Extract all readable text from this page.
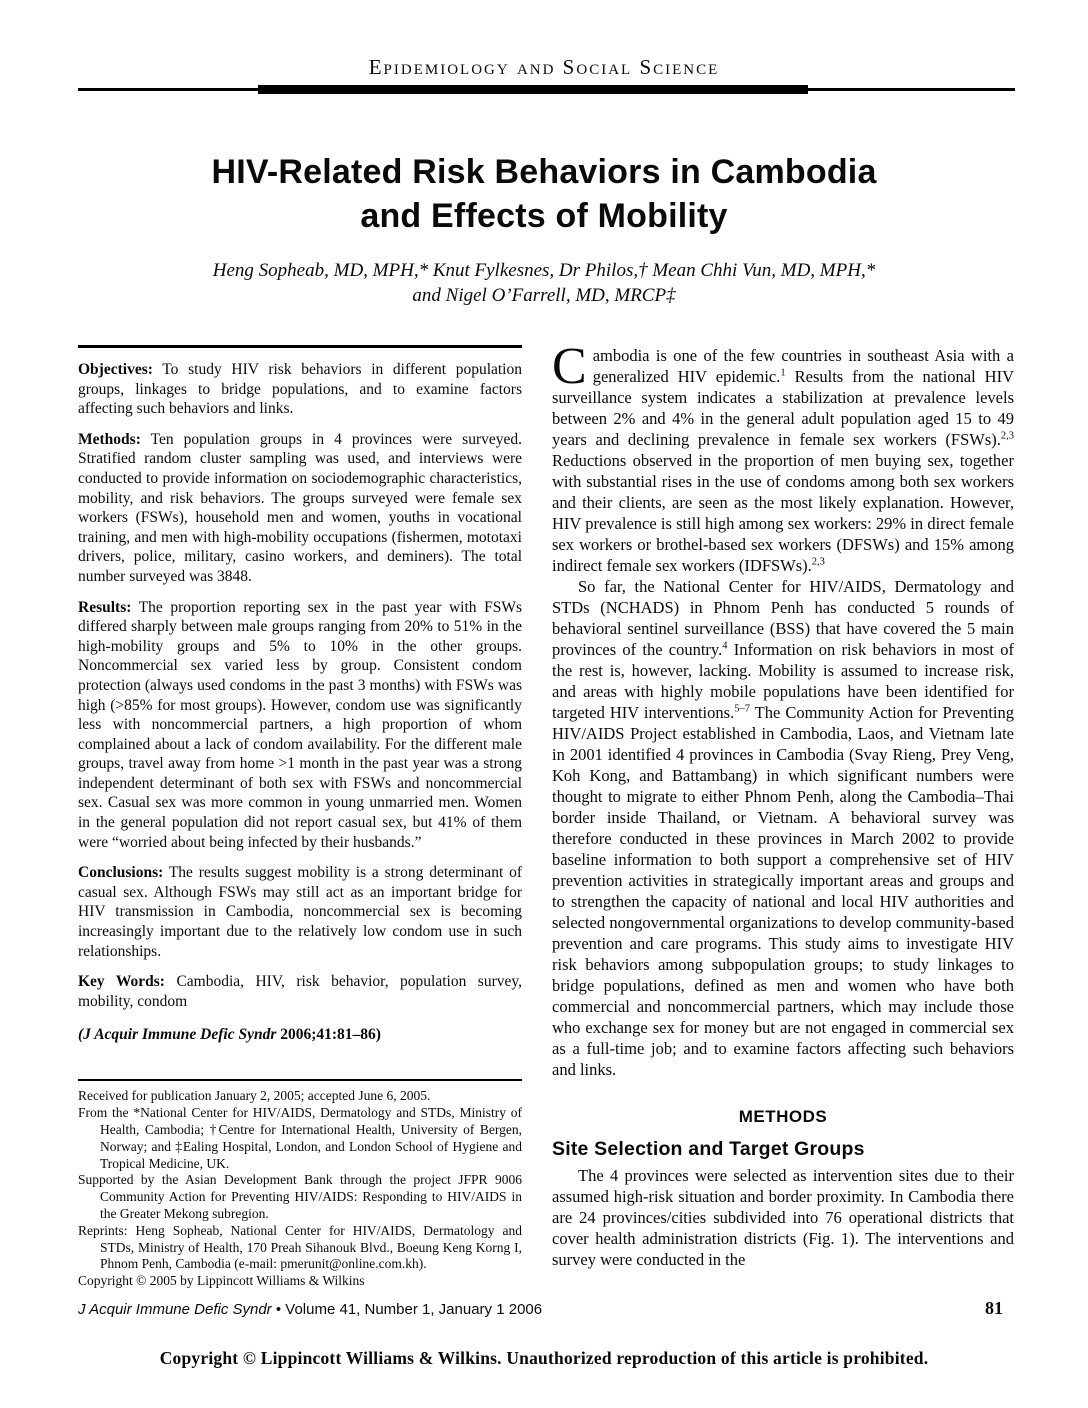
Epidemiology and Social Science
HIV-Related Risk Behaviors in Cambodia
and Effects of Mobility
Heng Sopheab, MD, MPH,* Knut Fylkesnes, Dr Philos,† Mean Chhi Vun, MD, MPH,*
and Nigel O’Farrell, MD, MRCP‡

Objectives: To study HIV risk behaviors in different population groups, linkages to bridge populations, and to examine factors affecting such behaviors and links.

Methods: Ten population groups in 4 provinces were surveyed. Stratified random cluster sampling was used, and interviews were conducted to provide information on sociodemographic characteristics, mobility, and risk behaviors. The groups surveyed were female sex workers (FSWs), household men and women, youths in vocational training, and men with high-mobility occupations (fishermen, mototaxi drivers, police, military, casino workers, and deminers). The total number surveyed was 3848.

Results: The proportion reporting sex in the past year with FSWs differed sharply between male groups ranging from 20% to 51% in the high-mobility groups and 5% to 10% in the other groups. Noncommercial sex varied less by group. Consistent condom protection (always used condoms in the past 3 months) with FSWs was high (>85% for most groups). However, condom use was significantly less with noncommercial partners, a high proportion of whom complained about a lack of condom availability. For the different male groups, travel away from home >1 month in the past year was a strong independent determinant of both sex with FSWs and noncommercial sex. Casual sex was more common in young unmarried men. Women in the general population did not report casual sex, but 41% of them were “worried about being infected by their husbands.”

Conclusions: The results suggest mobility is a strong determinant of casual sex. Although FSWs may still act as an important bridge for HIV transmission in Cambodia, noncommercial sex is becoming increasingly important due to the relatively low condom use in such relationships.

Key Words: Cambodia, HIV, risk behavior, population survey, mobility, condom

(J Acquir Immune Defic Syndr 2006;41:81–86)

Received for publication January 2, 2005; accepted June 6, 2005.

From the *National Center for HIV/AIDS, Dermatology and STDs, Ministry of Health, Cambodia; †Centre for International Health, University of Bergen, Norway; and ‡Ealing Hospital, London, and London School of Hygiene and Tropical Medicine, UK.

Supported by the Asian Development Bank through the project JFPR 9006 Community Action for Preventing HIV/AIDS: Responding to HIV/AIDS in the Greater Mekong subregion.

Reprints: Heng Sopheab, National Center for HIV/AIDS, Dermatology and STDs, Ministry of Health, 170 Preah Sihanouk Blvd., Boeung Keng Korng I, Phnom Penh, Cambodia (e-mail: pmerunit@online.com.kh).

Copyright © 2005 by Lippincott Williams & Wilkins

Cambodia is one of the few countries in southeast Asia with a generalized HIV epidemic.$^1$ Results from the national HIV surveillance system indicates a stabilization at prevalence levels between 2% and 4% in the general adult population aged 15 to 49 years and declining prevalence in female sex workers (FSWs).$^{2,3}$ Reductions observed in the proportion of men buying sex, together with substantial rises in the use of condoms among both sex workers and their clients, are seen as the most likely explanation. However, HIV prevalence is still high among sex workers: 29% in direct female sex workers or brothel-based sex workers (DFSWs) and 15% among indirect female sex workers (IDFSWs).$^{2,3}$

So far, the National Center for HIV/AIDS, Dermatology and STDs (NCHADS) in Phnom Penh has conducted 5 rounds of behavioral sentinel surveillance (BSS) that have covered the 5 main provinces of the country.$^4$ Information on risk behaviors in most of the rest is, however, lacking. Mobility is assumed to increase risk, and areas with highly mobile populations have been identified for targeted HIV interventions.$^{5-7}$ The Community Action for Preventing HIV/AIDS Project established in Cambodia, Laos, and Vietnam late in 2001 identified 4 provinces in Cambodia (Svay Rieng, Prey Veng, Koh Kong, and Battambang) in which significant numbers were thought to migrate to either Phnom Penh, along the Cambodia–Thai border inside Thailand, or Vietnam. A behavioral survey was therefore conducted in these provinces in March 2002 to provide baseline information to both support a comprehensive set of HIV prevention activities in strategically important areas and groups and to strengthen the capacity of national and local HIV authorities and selected nongovernmental organizations to develop community-based prevention and care programs. This study aims to investigate HIV risk behaviors among subpopulation groups; to study linkages to bridge populations, defined as men and women who have both commercial and noncommercial partners, which may include those who exchange sex for money but are not engaged in commercial sex as a full-time job; and to examine factors affecting such behaviors and links.

METHODS
Site Selection and Target Groups

The 4 provinces were selected as intervention sites due to their assumed high-risk situation and border proximity. In Cambodia there are 24 provinces/cities subdivided into 76 operational districts that cover health administration districts (Fig. 1). The interventions and survey were conducted in the

J Acquir Immune Defic Syndr • Volume 41, Number 1, January 1 2006	81
Copyright © Lippincott Williams & Wilkins. Unauthorized reproduction of this article is prohibited.
